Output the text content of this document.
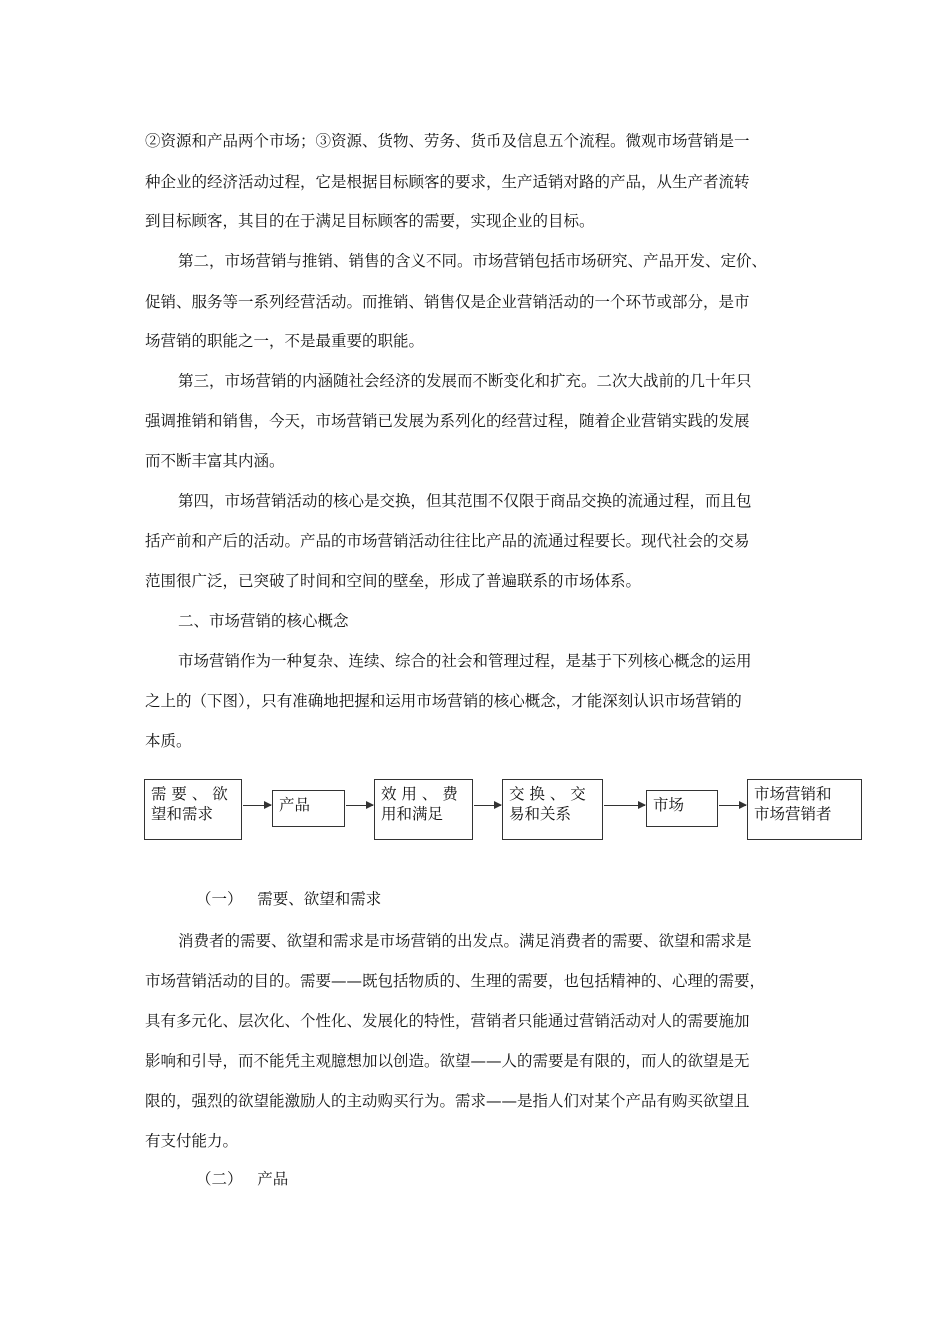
②资源和产品两个市场；③资源、货物、劳务、货币及信息五个流程。微观市场营销是一
种企业的经济活动过程，它是根据目标顾客的要求，生产适销对路的产品，从生产者流转
到目标顾客，其目的在于满足目标顾客的需要，实现企业的目标。
第二，市场营销与推销、销售的含义不同。市场营销包括市场研究、产品开发、定价、
促销、服务等一系列经营活动。而推销、销售仅是企业营销活动的一个环节或部分，是市
场营销的职能之一，不是最重要的职能。
第三，市场营销的内涵随社会经济的发展而不断变化和扩充。二次大战前的几十年只
强调推销和销售，今天，市场营销已发展为系列化的经营过程，随着企业营销实践的发展
而不断丰富其内涵。
第四，市场营销活动的核心是交换，但其范围不仅限于商品交换的流通过程，而且包
括产前和产后的活动。产品的市场营销活动往往比产品的流通过程要长。现代社会的交易
范围很广泛，已突破了时间和空间的壁垒，形成了普遍联系的市场体系。
二、市场营销的核心概念
市场营销作为一种复杂、连续、综合的社会和管理过程，是基于下列核心概念的运用
之上的（下图），只有准确地把握和运用市场营销的核心概念，才能深刻认识市场营销的
本质。
需 要 、 欲
望和需求	产品
效 用 、 费
用和满足
交 换 、 交
易和关系	市场
市场营销和
市场营销者
（一）   需要、欲望和需求
消费者的需要、欲望和需求是市场营销的出发点。满足消费者的需要、欲望和需求是
市场营销活动的目的。需要——既包括物质的、生理的需要，也包括精神的、心理的需要，
具有多元化、层次化、个性化、发展化的特性，营销者只能通过营销活动对人的需要施加
影响和引导，而不能凭主观臆想加以创造。欲望——人的需要是有限的，而人的欲望是无
限的，强烈的欲望能激励人的主动购买行为。需求——是指人们对某个产品有购买欲望且
有支付能力。
（二）   产品
